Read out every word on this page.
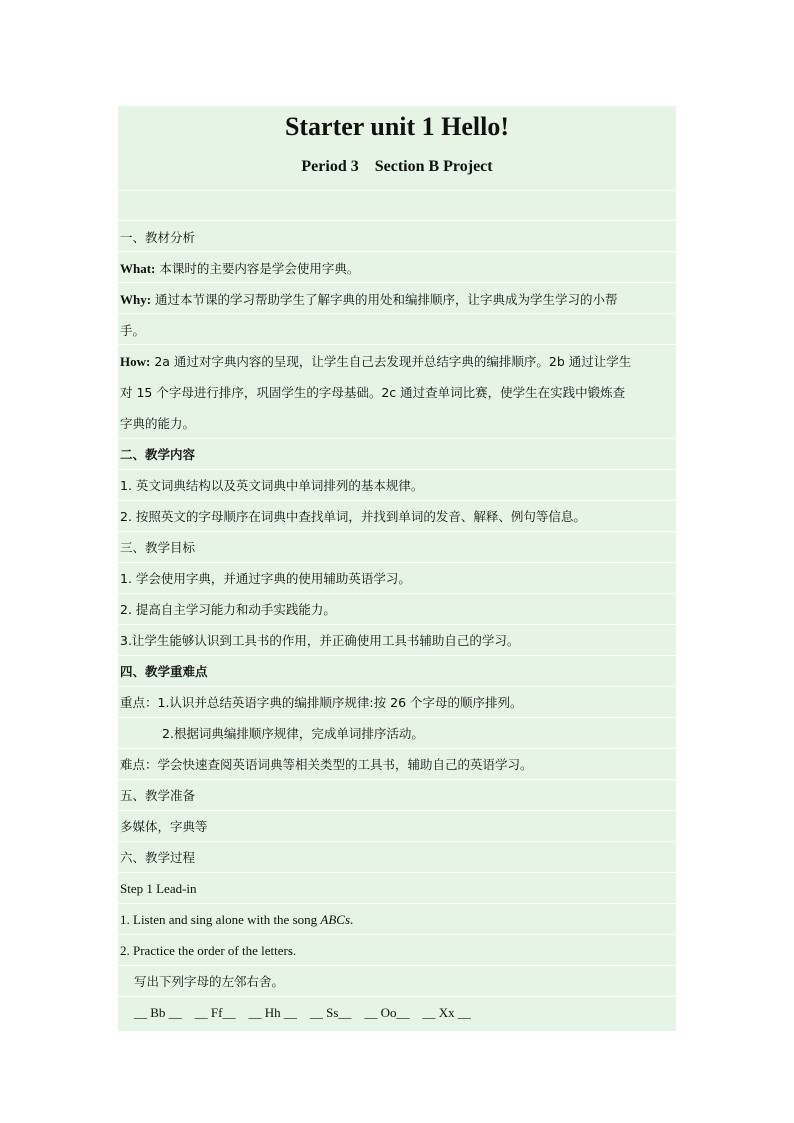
Starter unit 1 Hello!
Period 3    Section B Project
一、教材分析
What: 本课时的主要内容是学会使用字典。
Why: 通过本节课的学习帮助学生了解字典的用处和编排顺序，让字典成为学生学习的小帮
手。
How: 2a 通过对字典内容的呈现，让学生自己去发现并总结字典的编排顺序。2b 通过让学生
对 15 个字母进行排序，巩固学生的字母基础。2c 通过查单词比赛，使学生在实践中锻炼查
字典的能力。
二、教学内容
1. 英文词典结构以及英文词典中单词排列的基本规律。
2. 按照英文的字母顺序在词典中查找单词，并找到单词的发音、解释、例句等信息。
三、教学目标
1. 学会使用字典，并通过字典的使用辅助英语学习。
2. 提高自主学习能力和动手实践能力。
3.让学生能够认识到工具书的作用，并正确使用工具书辅助自己的学习。
四、教学重难点
重点：1.认识并总结英语字典的编排顺序规律:按 26 个字母的顺序排列。
2.根据词典编排顺序规律，完成单词排序活动。
难点：学会快速查阅英语词典等相关类型的工具书，辅助自己的英语学习。
五、教学准备
多媒体，字典等
六、教学过程
Step 1 Lead-in
1. Listen and sing alone with the song ABCs.
2. Practice the order of the letters.
写出下列字母的左邻右舍。
__ Bb __    __ Ff__    __ Hh __    __ Ss__    __ Oo__    __ Xx __
